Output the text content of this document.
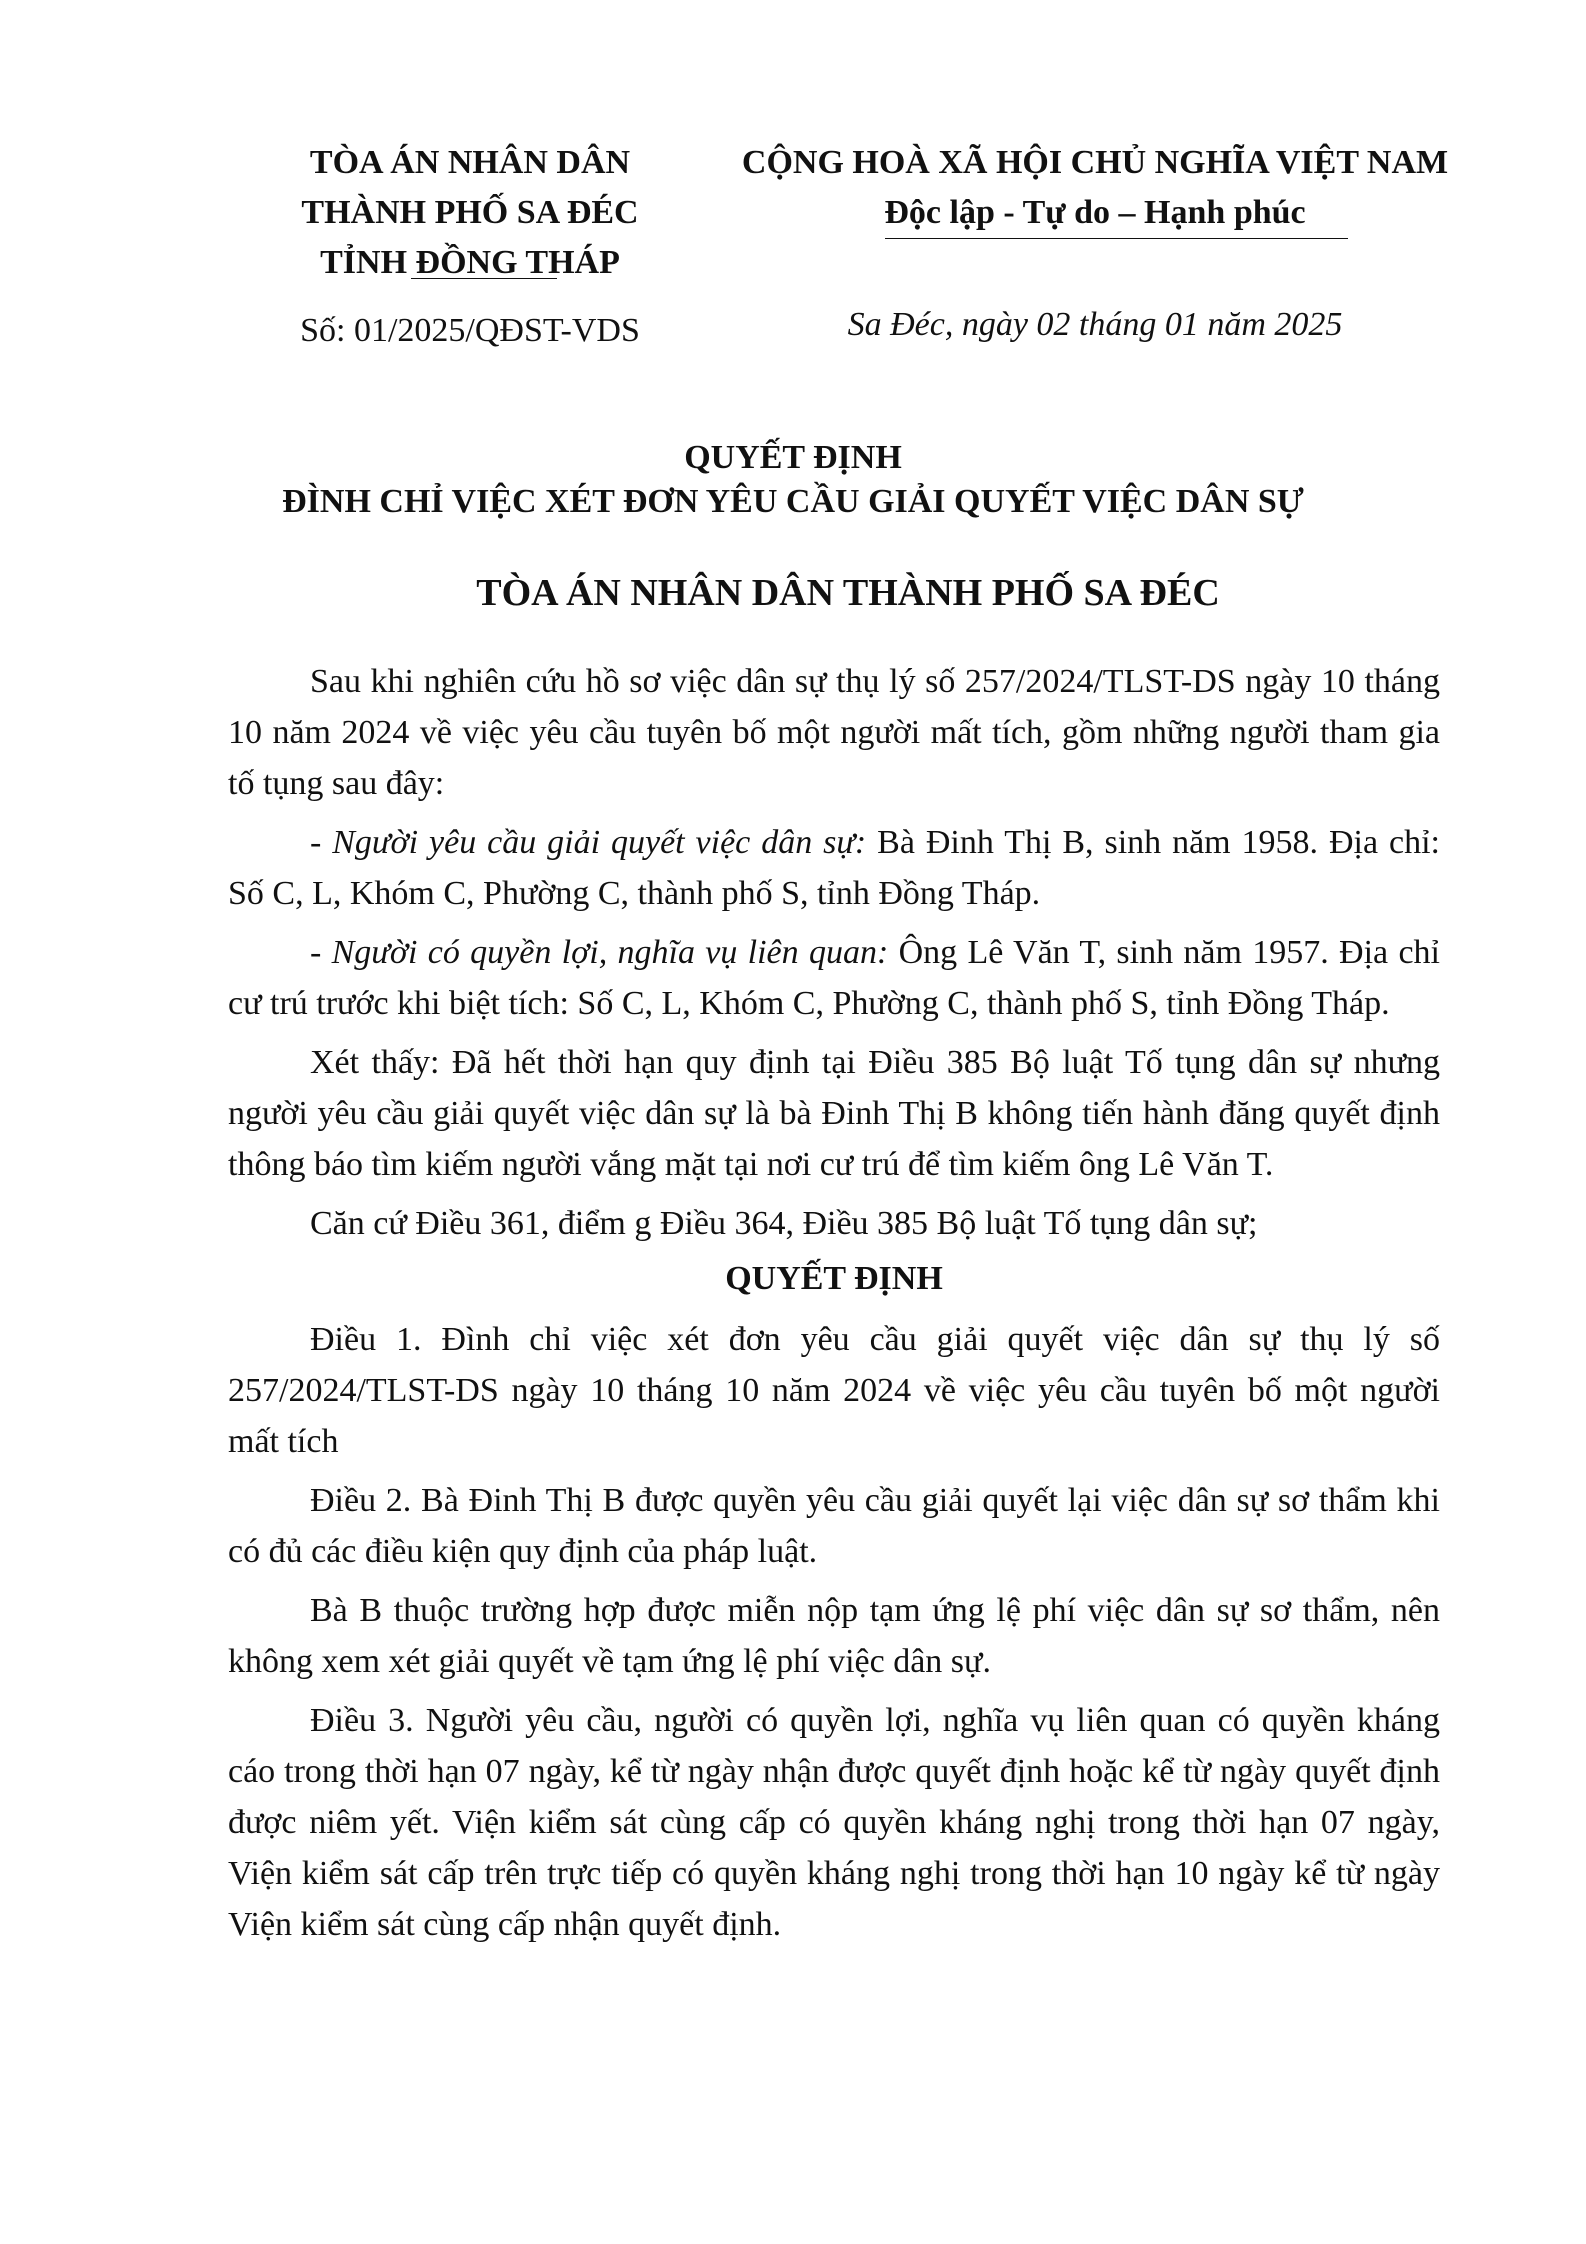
TÒA ÁN NHÂN DÂN
THÀNH PHỐ SA ĐÉC
TỈNH ĐỒNG THÁP
CỘNG HOÀ XÃ HỘI CHỦ NGHĨA VIỆT NAM
Độc lập - Tự do – Hạnh phúc
Số: 01/2025/QĐST-VDS	Sa Đéc, ngày 02 tháng 01 năm 2025
QUYẾT ĐỊNH
ĐÌNH CHỈ VIỆC XÉT ĐƠN YÊU CẦU GIẢI QUYẾT VIỆC DÂN SỰ
TÒA ÁN NHÂN DÂN THÀNH PHỐ SA ĐÉC

Sau khi nghiên cứu hồ sơ việc dân sự thụ lý số 257/2024/TLST-DS ngày 10 tháng 10 năm 2024 về việc yêu cầu tuyên bố một người mất tích, gồm những người tham gia tố tụng sau đây:

- Người yêu cầu giải quyết việc dân sự: Bà Đinh Thị B, sinh năm 1958. Địa chỉ: Số C, L, Khóm C, Phường C, thành phố S, tỉnh Đồng Tháp.

- Người có quyền lợi, nghĩa vụ liên quan: Ông Lê Văn T, sinh năm 1957. Địa chỉ cư trú trước khi biệt tích: Số C, L, Khóm C, Phường C, thành phố S, tỉnh Đồng Tháp.

Xét thấy: Đã hết thời hạn quy định tại Điều 385 Bộ luật Tố tụng dân sự nhưng người yêu cầu giải quyết việc dân sự là bà Đinh Thị B không tiến hành đăng quyết định thông báo tìm kiếm người vắng mặt tại nơi cư trú để tìm kiếm ông Lê Văn T.

Căn cứ Điều 361, điểm g Điều 364, Điều 385 Bộ luật Tố tụng dân sự;

QUYẾT ĐỊNH

Điều 1. Đình chỉ việc xét đơn yêu cầu giải quyết việc dân sự thụ lý số 257/2024/TLST-DS ngày 10 tháng 10 năm 2024 về việc yêu cầu tuyên bố một người mất tích

Điều 2. Bà Đinh Thị B được quyền yêu cầu giải quyết lại việc dân sự sơ thẩm khi có đủ các điều kiện quy định của pháp luật.

Bà B thuộc trường hợp được miễn nộp tạm ứng lệ phí việc dân sự sơ thẩm, nên không xem xét giải quyết về tạm ứng lệ phí việc dân sự.

Điều 3. Người yêu cầu, người có quyền lợi, nghĩa vụ liên quan có quyền kháng cáo trong thời hạn 07 ngày, kể từ ngày nhận được quyết định hoặc kể từ ngày quyết định được niêm yết. Viện kiểm sát cùng cấp có quyền kháng nghị trong thời hạn 07 ngày, Viện kiểm sát cấp trên trực tiếp có quyền kháng nghị trong thời hạn 10 ngày kể từ ngày Viện kiểm sát cùng cấp nhận quyết định.
